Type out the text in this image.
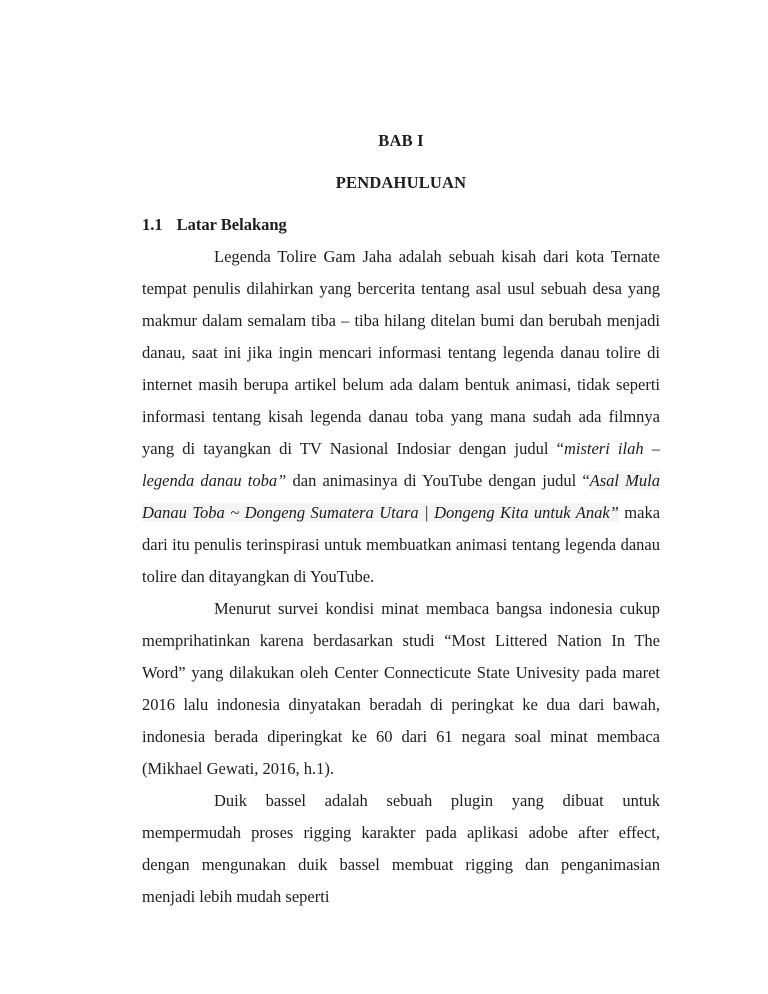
BAB I
PENDAHULUAN
1.1 Latar Belakang

Legenda Tolire Gam Jaha adalah sebuah kisah dari kota Ternate tempat penulis dilahirkan yang bercerita tentang asal usul sebuah desa yang makmur dalam semalam tiba – tiba hilang ditelan bumi dan berubah menjadi danau, saat ini jika ingin mencari informasi tentang legenda danau tolire di internet masih berupa artikel belum ada dalam bentuk animasi, tidak seperti informasi tentang kisah legenda danau toba yang mana sudah ada filmnya yang di tayangkan di TV Nasional Indosiar dengan judul “misteri ilah – legenda danau toba” dan animasinya di YouTube dengan judul “Asal Mula Danau Toba ~ Dongeng Sumatera Utara | Dongeng Kita untuk Anak” maka dari itu penulis terinspirasi untuk membuatkan animasi tentang legenda danau tolire dan ditayangkan di YouTube.

Menurut survei kondisi minat membaca bangsa indonesia cukup memprihatinkan karena berdasarkan studi “Most Littered Nation In The Word” yang dilakukan oleh Center Connecticute State Univesity pada maret 2016 lalu indonesia dinyatakan beradah di peringkat ke dua dari bawah, indonesia berada diperingkat ke 60 dari 61 negara soal minat membaca (Mikhael Gewati, 2016, h.1).

Duik bassel adalah sebuah plugin yang dibuat untuk mempermudah proses rigging karakter pada aplikasi adobe after effect, dengan mengunakan duik bassel membuat rigging dan penganimasian menjadi lebih mudah seperti
